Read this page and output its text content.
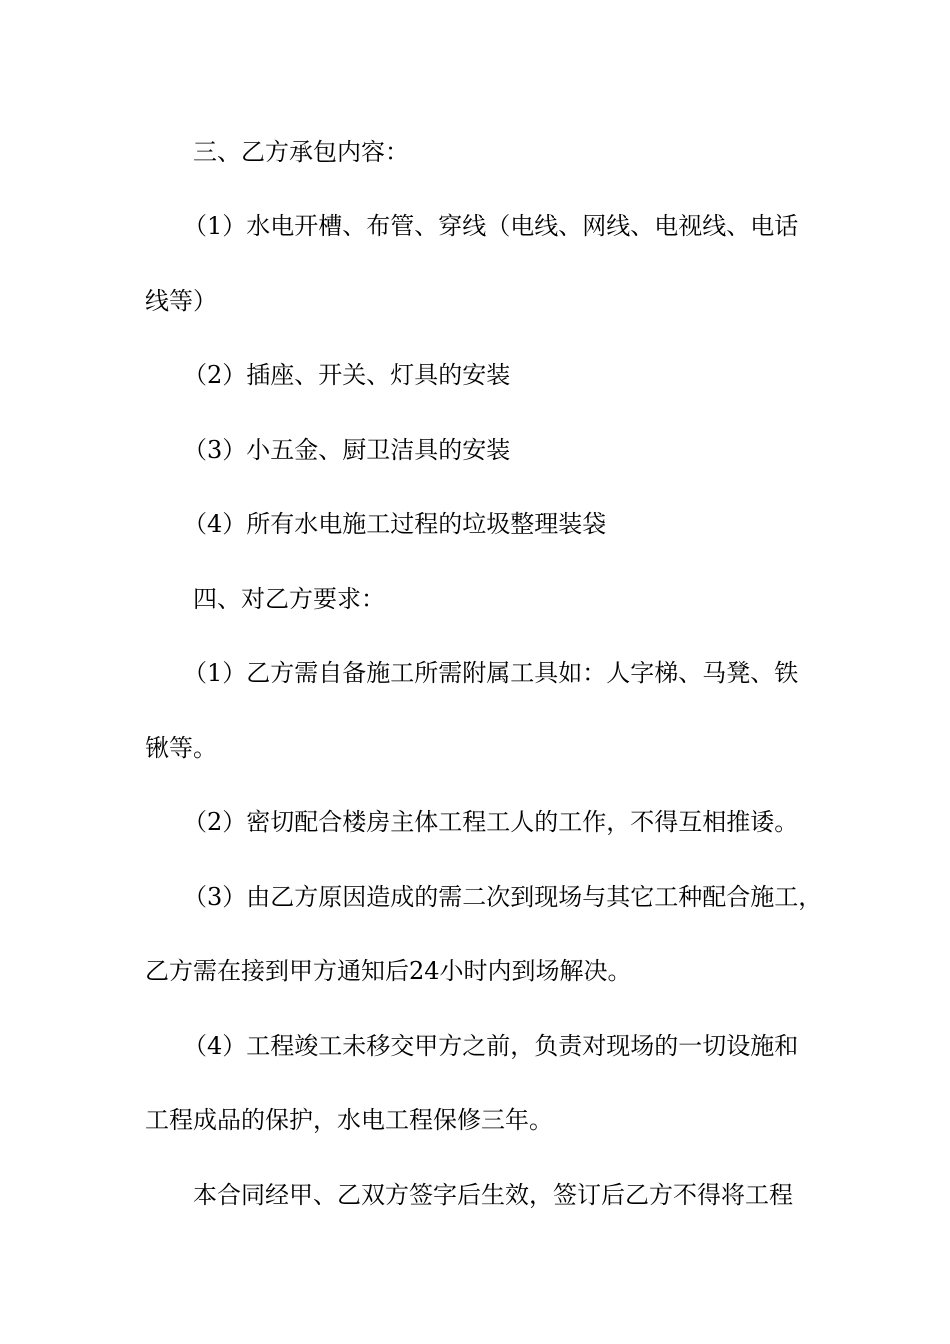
三、乙方承包内容：
（1）水电开槽、布管、穿线（电线、网线、电视线、电话
线等）
（2）插座、开关、灯具的安装
（3）小五金、厨卫洁具的安装
（4）所有水电施工过程的垃圾整理装袋
四、对乙方要求：
（1）乙方需自备施工所需附属工具如：人字梯、马凳、铁
锹等。
（2）密切配合楼房主体工程工人的工作，不得互相推诿。
（3）由乙方原因造成的需二次到现场与其它工种配合施工，
乙方需在接到甲方通知后24小时内到场解决。
（4）工程竣工未移交甲方之前，负责对现场的一切设施和
工程成品的保护，水电工程保修三年。
本合同经甲、乙双方签字后生效，签订后乙方不得将工程
